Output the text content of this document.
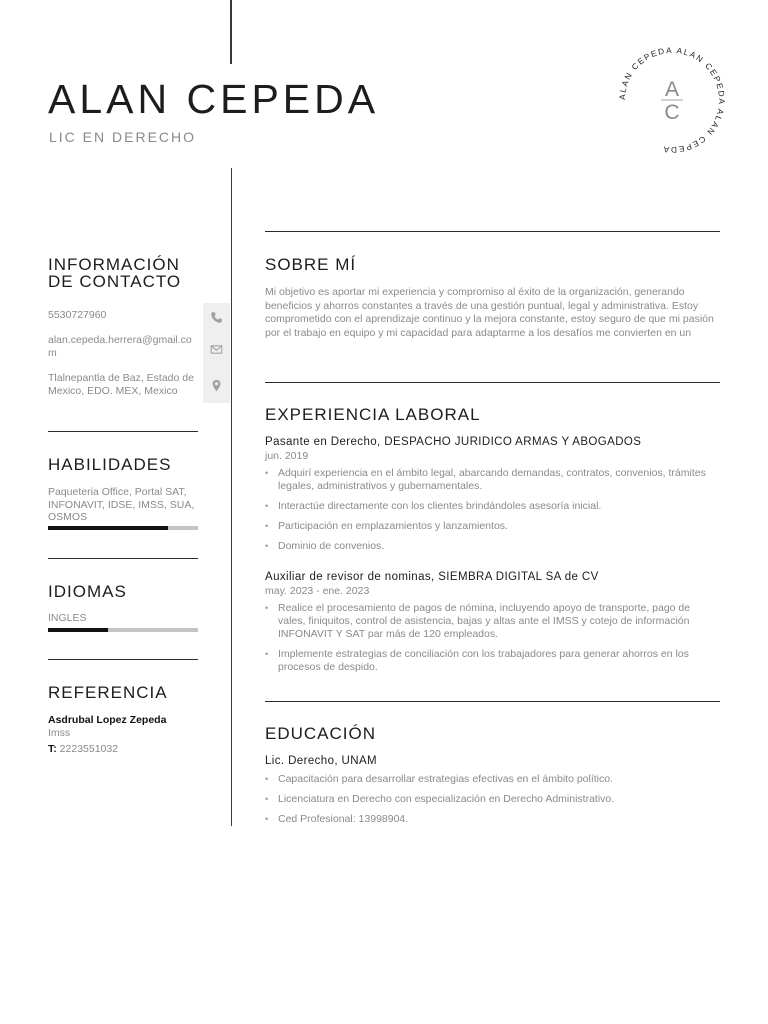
ALAN CEPEDA
LIC EN DERECHO
ALAN CEPEDA ALAN CEPEDA ALAN CEPEDA
A
C
INFORMACIÓN
DE CONTACTO
5530727960
alan.cepeda.herrera@gmail.com
Tlalnepantla de Baz, Estado de Mexico, EDO. MEX, Mexico
HABILIDADES
Paqueteria Office, Portal SAT, INFONAVIT, IDSE, IMSS, SUA, OSMOS
IDIOMAS
INGLES
REFERENCIA
Asdrubal Lopez Zepeda
Imss
T: 2223551032
SOBRE MÍ
Mi objetivo es aportar mi experiencia y compromiso al éxito de la organización, generando beneficios y ahorros constantes a través de una gestión puntual, legal y administrativa. Estoy comprometido con el aprendizaje continuo y la mejora constante, estoy seguro de que mi pasión por el trabajo en equipo y mi capacidad para adaptarme a los desafíos me convierten en un
EXPERIENCIA LABORAL
Pasante en Derecho, DESPACHO JURIDICO ARMAS Y ABOGADOS
jun. 2019
• Adquirí experiencia en el ámbito legal, abarcando demandas, contratos, convenios, trámites legales, administrativos y gubernamentales.
• Interactúe directamente con los clientes brindándoles asesoría inicial.
• Participación en emplazamientos y lanzamientos.
• Dominio de convenios.
Auxiliar de revisor de nominas, SIEMBRA DIGITAL SA de CV
may. 2023 - ene. 2023
• Realice el procesamiento de pagos de nómina, incluyendo apoyo de transporte, pago de vales, finiquitos, control de asistencia, bajas y altas ante el IMSS y cotejo de información INFONAVIT Y SAT par más de 120 empleados.
• Implemente estrategias de conciliación con los trabajadores para generar ahorros en los procesos de despido.
EDUCACIÓN
Lic. Derecho, UNAM
• Capacitación para desarrollar estrategias efectivas en el ámbito político.
• Licenciatura en Derecho con especialización en Derecho Administrativo.
• Ced Profesional: 13998904.
